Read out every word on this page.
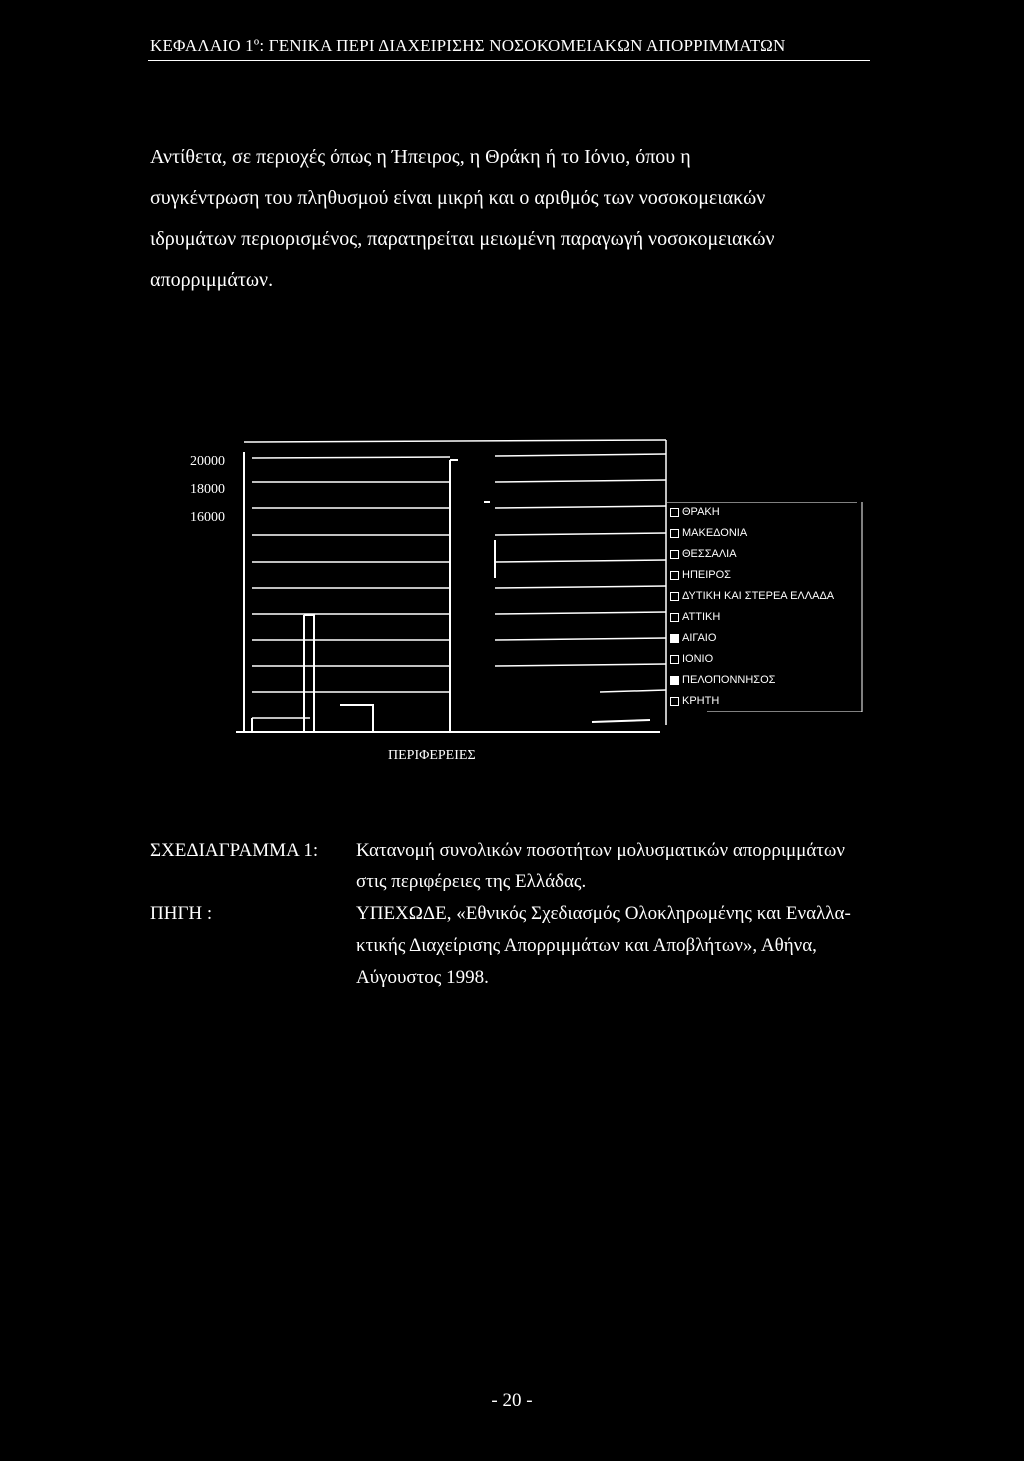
ΚΕΦΑΛΑΙΟ 1º: ΓΕΝΙΚΑ ΠΕΡΙ ΔΙΑΧΕΙΡΙΣΗΣ ΝΟΣΟΚΟΜΕΙΑΚΩΝ ΑΠΟΡΡΙΜΜΑΤΩΝ
Αντίθετα, σε περιοχές όπως η Ήπειρος, η Θράκη ή το Ιόνιο, όπου η
συγκέντρωση του πληθυσμού είναι μικρή και ο αριθμός των νοσοκομειακών
ιδρυμάτων περιορισμένος, παρατηρείται μειωμένη παραγωγή νοσοκομειακών
απορριμμάτων.
20000
18000
16000	ΘΡΑΚΗ
ΜΑΚΕΔΟΝΙΑ
ΘΕΣΣΑΛΙΑ
ΗΠΕΙΡΟΣ
ΔΥΤΙΚΗ ΚΑΙ ΣΤΕΡΕΑ ΕΛΛΑΔΑ
ΑΤΤΙΚΗ
ΑΙΓΑΙΟ
ΙΟΝΙΟ
ΠΕΛΟΠΟΝΝΗΣΟΣ
ΚΡΗΤΗ
ΠΕΡΙΦΕΡΕΙΕΣ
ΣΧΕΔΙΑΓΡΑΜΜΑ 1: Κατανομή συνολικών ποσοτήτων μολυσματικών απορριμμάτων
στις περιφέρειες της Ελλάδας.
ΠΗΓΗ :	ΥΠΕΧΩΔΕ, «Εθνικός Σχεδιασμός Ολοκληρωμένης και Εναλλα-
κτικής Διαχείρισης Απορριμμάτων και Αποβλήτων», Αθήνα,
Αύγουστος 1998.
- 20 -
